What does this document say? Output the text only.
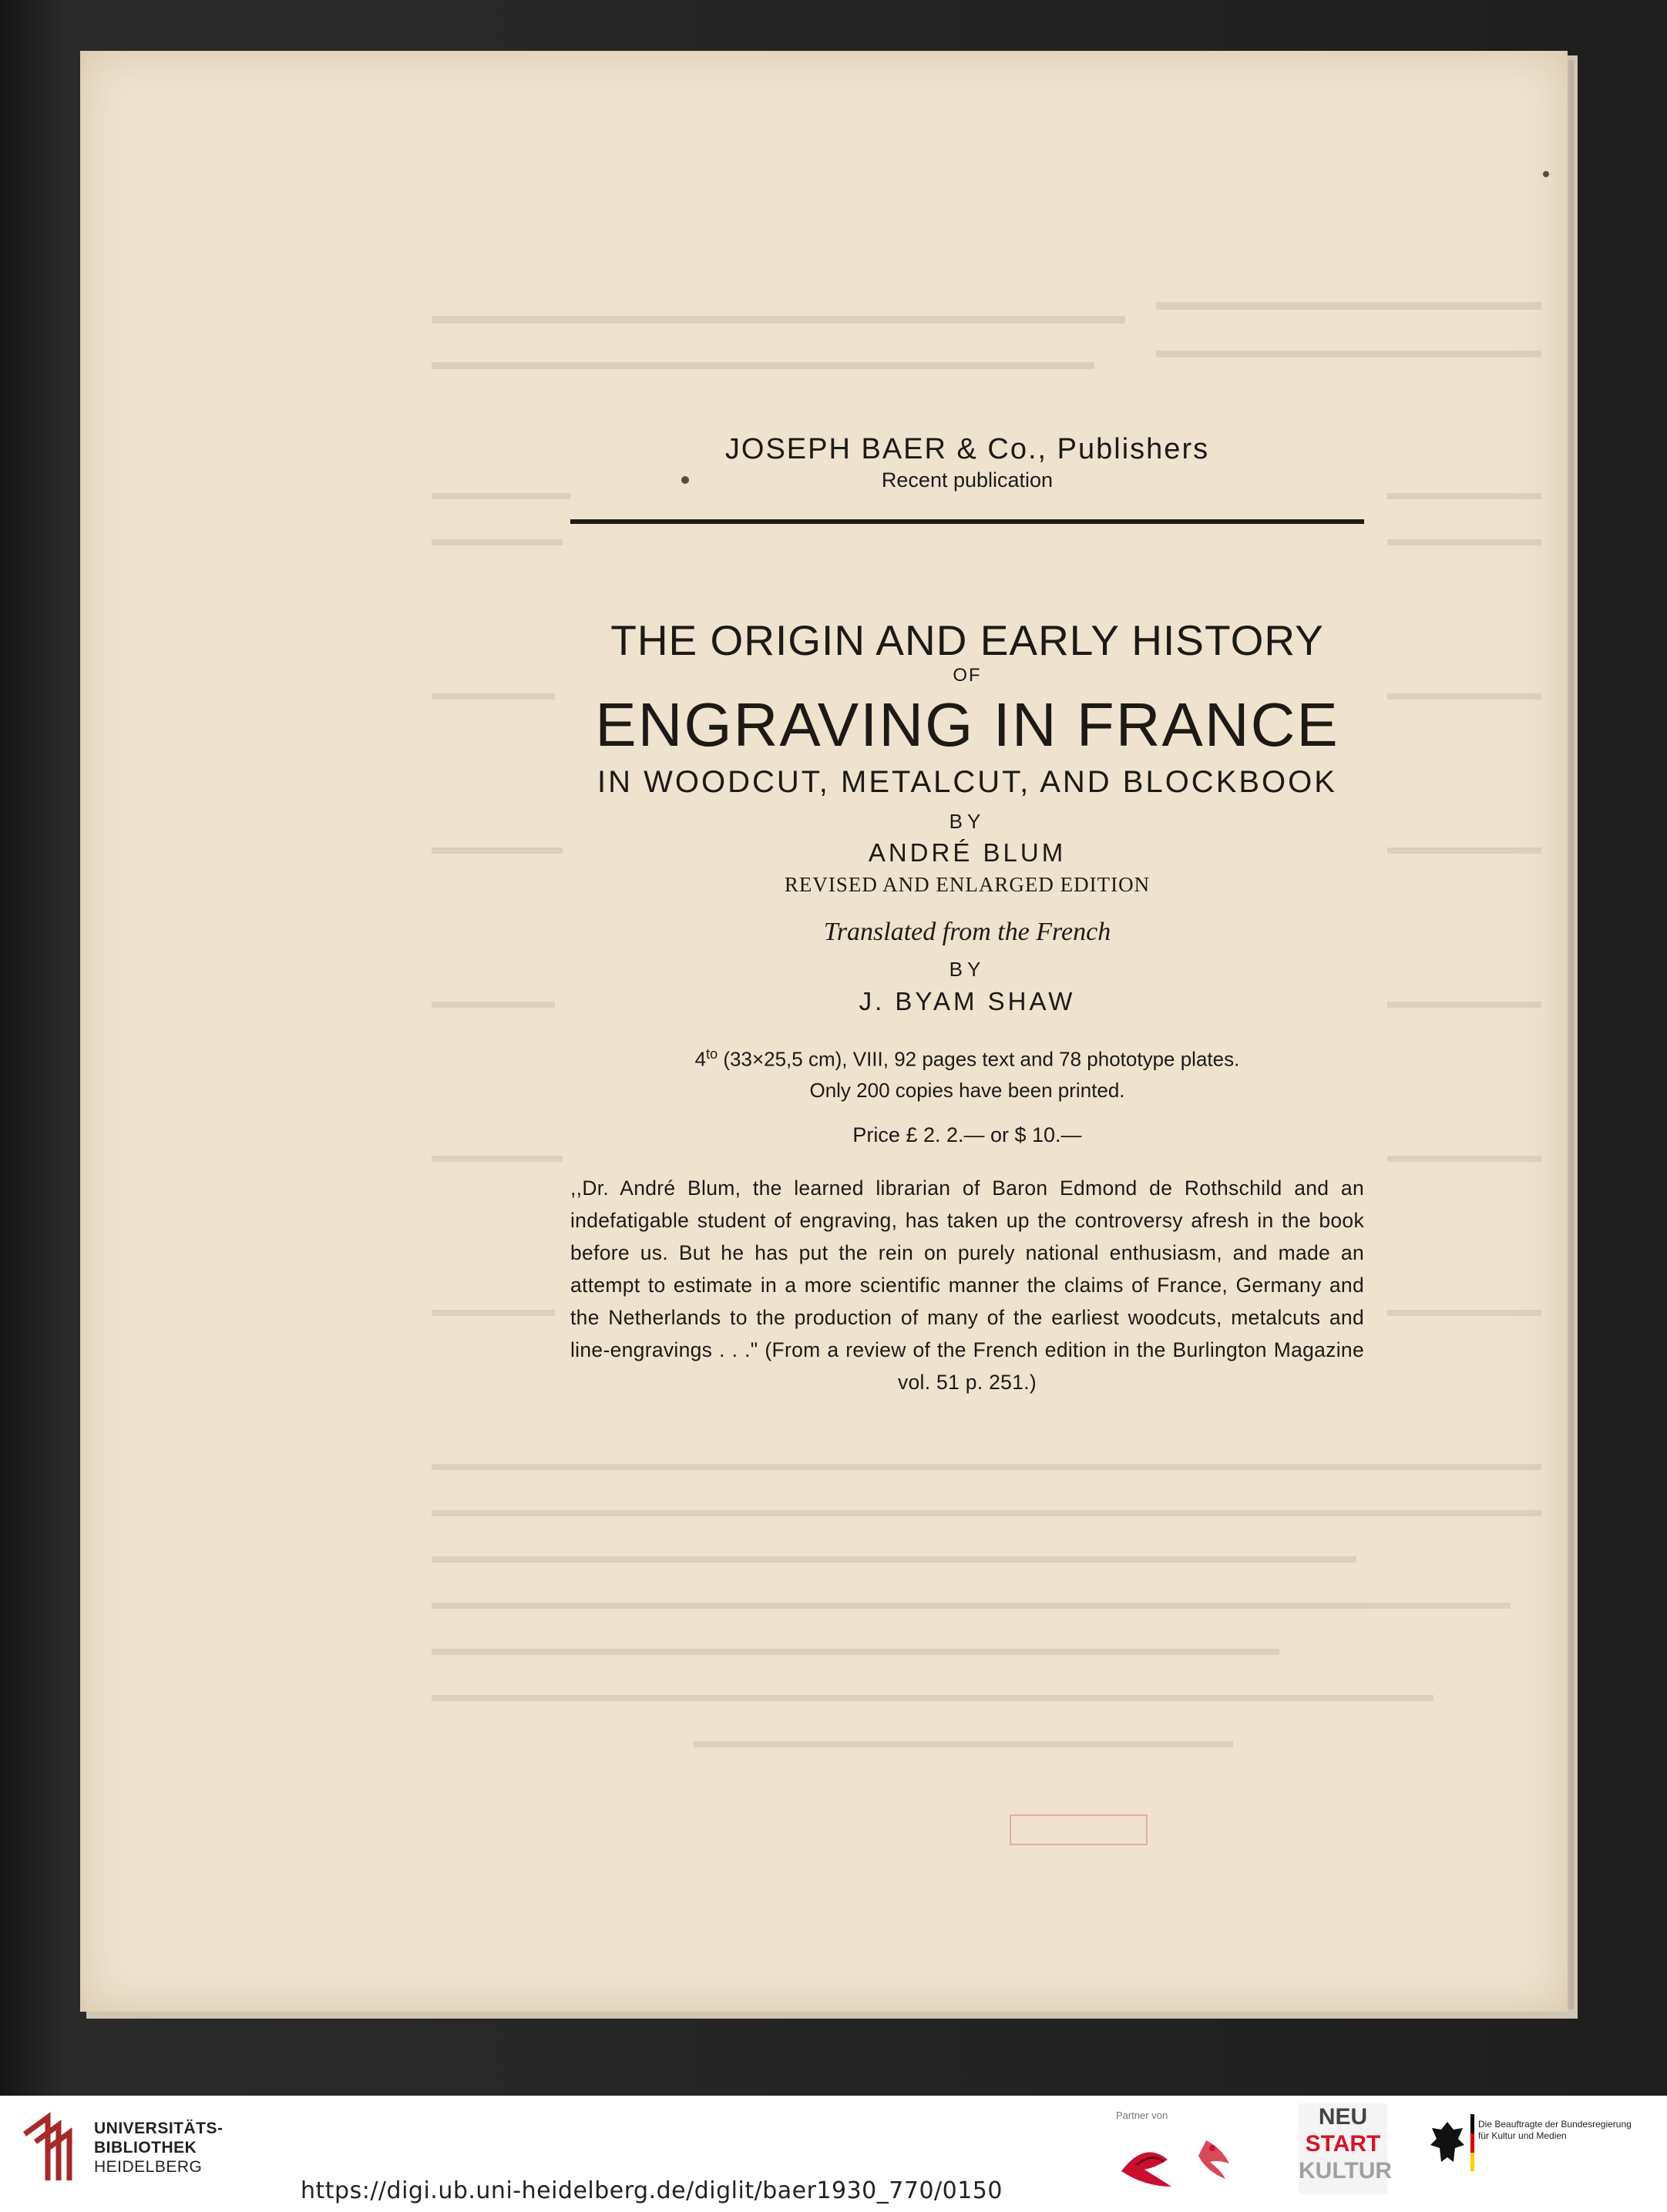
JOSEPH BAER & Co., Publishers
Recent publication
THE ORIGIN AND EARLY HISTORY
OF
ENGRAVING IN FRANCE
IN WOODCUT, METALCUT, AND BLOCKBOOK
BY
ANDRÉ BLUM
REVISED AND ENLARGED EDITION
Translated from the French
BY
J. BYAM SHAW
$4^{to}$ (33×25,5 cm), VIII, 92 pages text and 78 phototype plates.
Only 200 copies have been printed.
Price £ 2. 2.— or $ 10.—
,,Dr. André Blum, the learned librarian of Baron Edmond de Rothschild and an indefatigable student of engraving, has taken up the controversy afresh in the book before us. But he has put the rein on purely national enthusiasm, and made an attempt to estimate in a more scientific manner the claims of France, Germany and the Netherlands to the production of many of the earliest woodcuts, metalcuts and line-engravings . . ." (From a review of the French edition in the Burlington Magazine vol. 51 p. 251.)
UNIVERSITÄTS-
BIBLIOTHEK
HEIDELBERG
https://digi.ub.uni-heidelberg.de/diglit/baer1930_770/0150
Partner von	NEU
START
KULTUR
Die Beauftragte der Bundesregierung
für Kultur und Medien
